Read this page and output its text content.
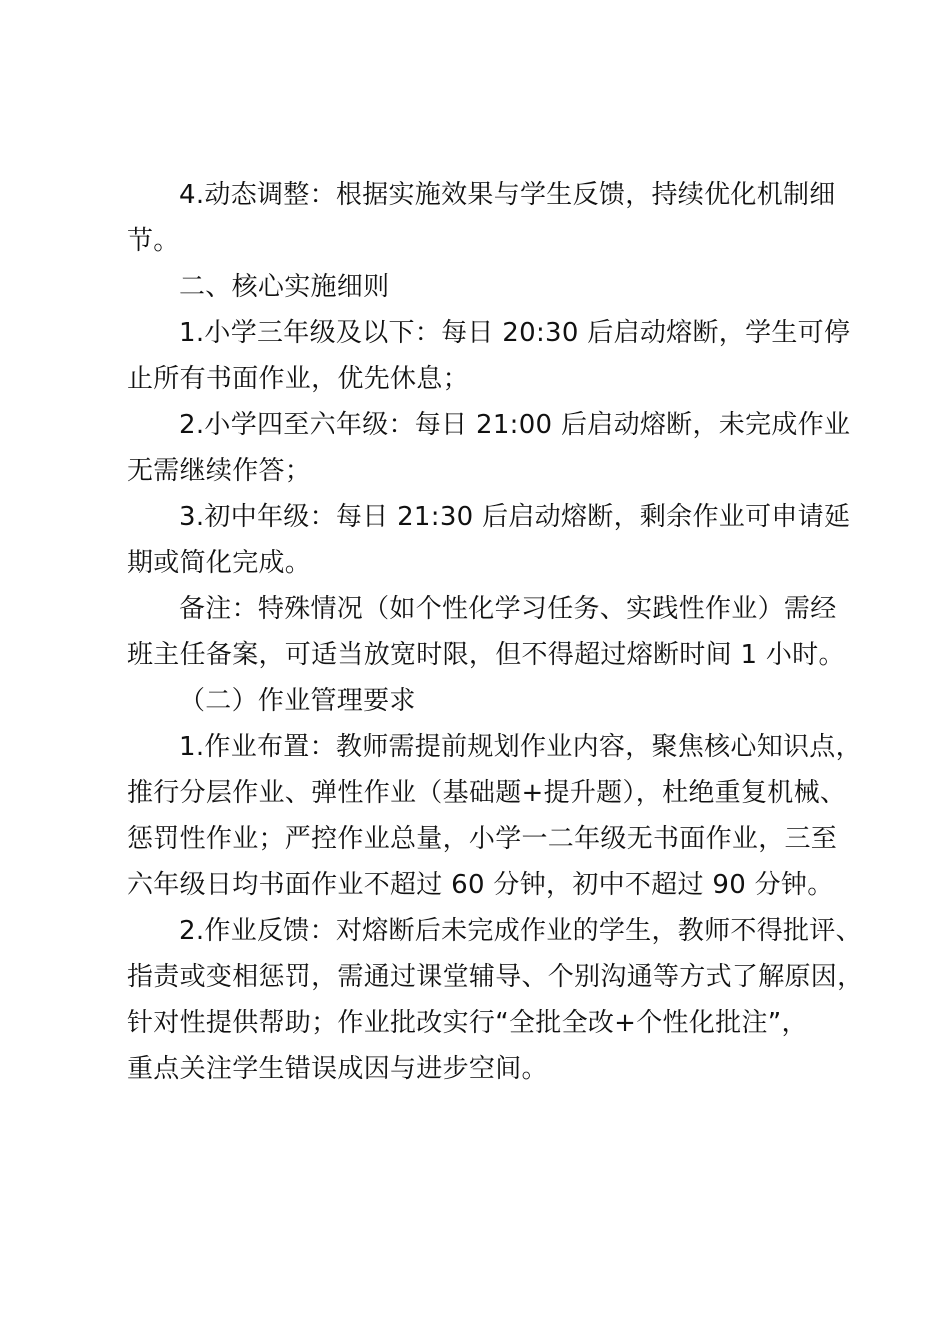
4.动态调整：根据实施效果与学生反馈，持续优化机制细
节。
二、核心实施细则
1.小学三年级及以下：每日 20:30 后启动熔断，学生可停
止所有书面作业，优先休息；
2.小学四至六年级：每日 21:00 后启动熔断，未完成作业
无需继续作答；
3.初中年级：每日 21:30 后启动熔断，剩余作业可申请延
期或简化完成。
备注：特殊情况（如个性化学习任务、实践性作业）需经
班主任备案，可适当放宽时限，但不得超过熔断时间 1 小时。
（二）作业管理要求
1.作业布置：教师需提前规划作业内容，聚焦核心知识点，
推行分层作业、弹性作业（基础题+提升题），杜绝重复机械、
惩罚性作业；严控作业总量，小学一二年级无书面作业，三至
六年级日均书面作业不超过 60 分钟，初中不超过 90 分钟。
2.作业反馈：对熔断后未完成作业的学生，教师不得批评、
指责或变相惩罚，需通过课堂辅导、个别沟通等方式了解原因，
针对性提供帮助；作业批改实行“全批全改+个性化批注”，
重点关注学生错误成因与进步空间。
